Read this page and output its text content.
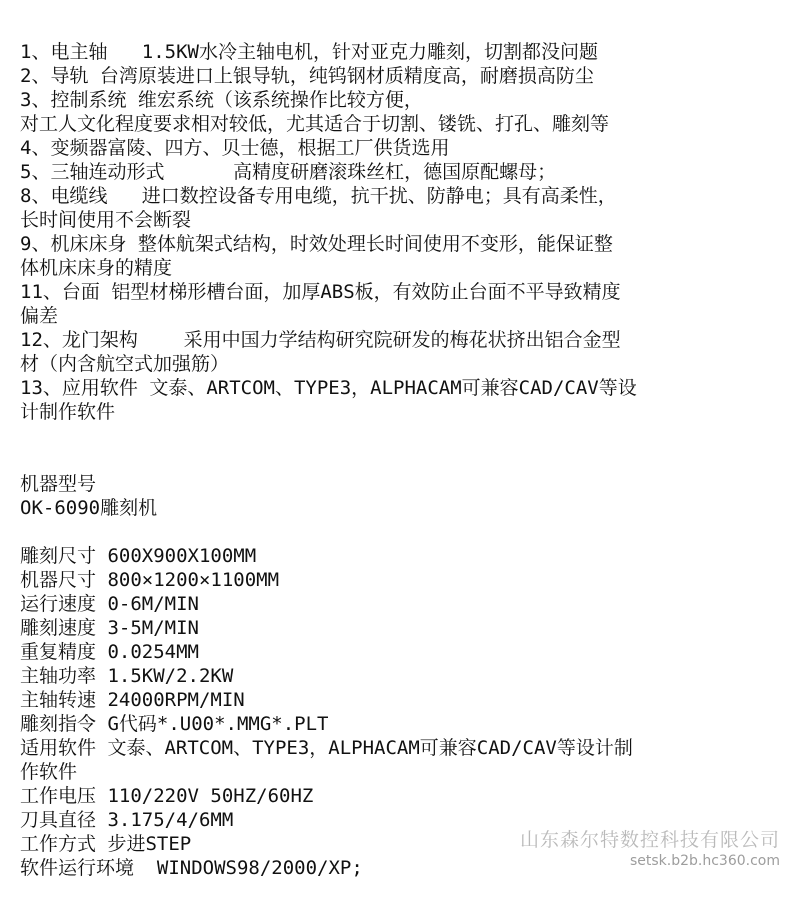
1、电主轴   1.5KW水冷主轴电机，针对亚克力雕刻，切割都没问题
2、导轨 台湾原装进口上银导轨，纯钨钢材质精度高，耐磨损高防尘
3、控制系统 维宏系统（该系统操作比较方便，
对工人文化程度要求相对较低，尤其适合于切割、镂铣、打孔、雕刻等
4、变频器富陵、四方、贝士德，根据工厂供货选用
5、三轴连动形式      高精度研磨滚珠丝杠，德国原配螺母；
8、电缆线   进口数控设备专用电缆，抗干扰、防静电；具有高柔性，
长时间使用不会断裂
9、机床床身 整体航架式结构，时效处理长时间使用不变形，能保证整
体机床床身的精度
11、台面 铝型材梯形槽台面，加厚ABS板，有效防止台面不平导致精度
偏差
12、龙门架构    采用中国力学结构研究院研发的梅花状挤出铝合金型
材（内含航空式加强筋）
13、应用软件 文泰、ARTCOM、TYPE3，ALPHACAM可兼容CAD/CAV等设
计制作软件
机器型号
OK-6090雕刻机
雕刻尺寸 600X900X100MM
机器尺寸 800×1200×1100MM
运行速度 0-6M/MIN
雕刻速度 3-5M/MIN
重复精度 0.0254MM
主轴功率 1.5KW/2.2KW
主轴转速 24000RPM/MIN
雕刻指令 G代码*.U00*.MMG*.PLT
适用软件 文泰、ARTCOM、TYPE3，ALPHACAM可兼容CAD/CAV等设计制
作软件
工作电压 110/220V 50HZ/60HZ
刀具直径 3.175/4/6MM
工作方式 步进STEP
软件运行环境  WINDOWS98/2000/XP;
山东森尔特数控科技有限公司
setsk.b2b.hc360.com
